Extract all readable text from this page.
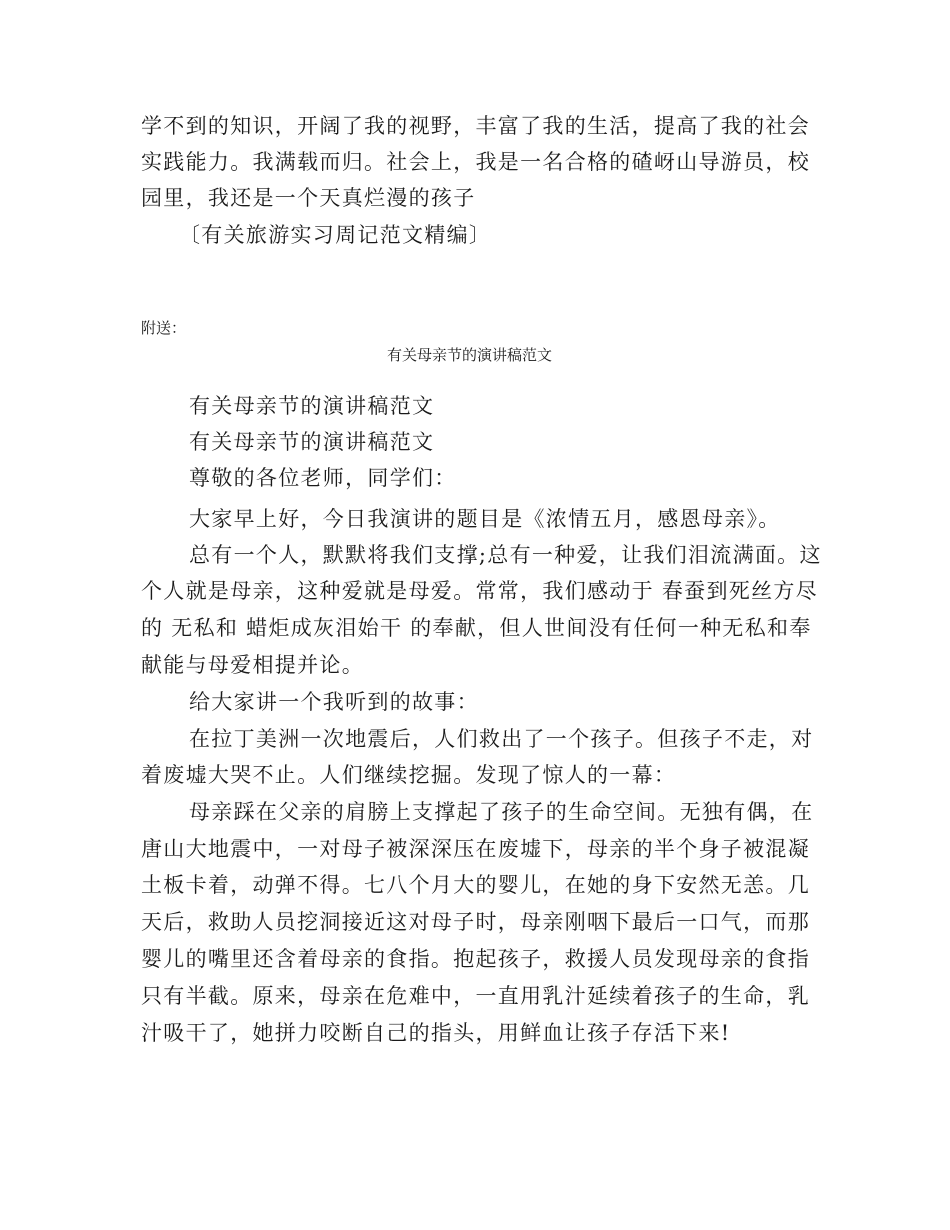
学不到的知识，开阔了我的视野，丰富了我的生活，提高了我的社会
实践能力。我满载而归。社会上，我是一名合格的碴岈山导游员，校
园里，我还是一个天真烂漫的孩子
〔有关旅游实习周记范文精编〕
附送：
有关母亲节的演讲稿范文
有关母亲节的演讲稿范文
有关母亲节的演讲稿范文
尊敬的各位老师，同学们：
大家早上好，今日我演讲的题目是《浓情五月，感恩母亲》。
总有一个人，默默将我们支撑;总有一种爱，让我们泪流满面。这
个人就是母亲，这种爱就是母爱。常常，我们感动于 春蚕到死丝方尽
的 无私和 蜡炬成灰泪始干 的奉献，但人世间没有任何一种无私和奉
献能与母爱相提并论。
给大家讲一个我听到的故事：
在拉丁美洲一次地震后，人们救出了一个孩子。但孩子不走，对
着废墟大哭不止。人们继续挖掘。发现了惊人的一幕：
母亲踩在父亲的肩膀上支撑起了孩子的生命空间。无独有偶，在
唐山大地震中，一对母子被深深压在废墟下，母亲的半个身子被混凝
土板卡着，动弹不得。七八个月大的婴儿，在她的身下安然无恙。几
天后，救助人员挖洞接近这对母子时，母亲刚咽下最后一口气，而那
婴儿的嘴里还含着母亲的食指。抱起孩子，救援人员发现母亲的食指
只有半截。原来，母亲在危难中，一直用乳汁延续着孩子的生命，乳
汁吸干了，她拼力咬断自己的指头，用鲜血让孩子存活下来!
